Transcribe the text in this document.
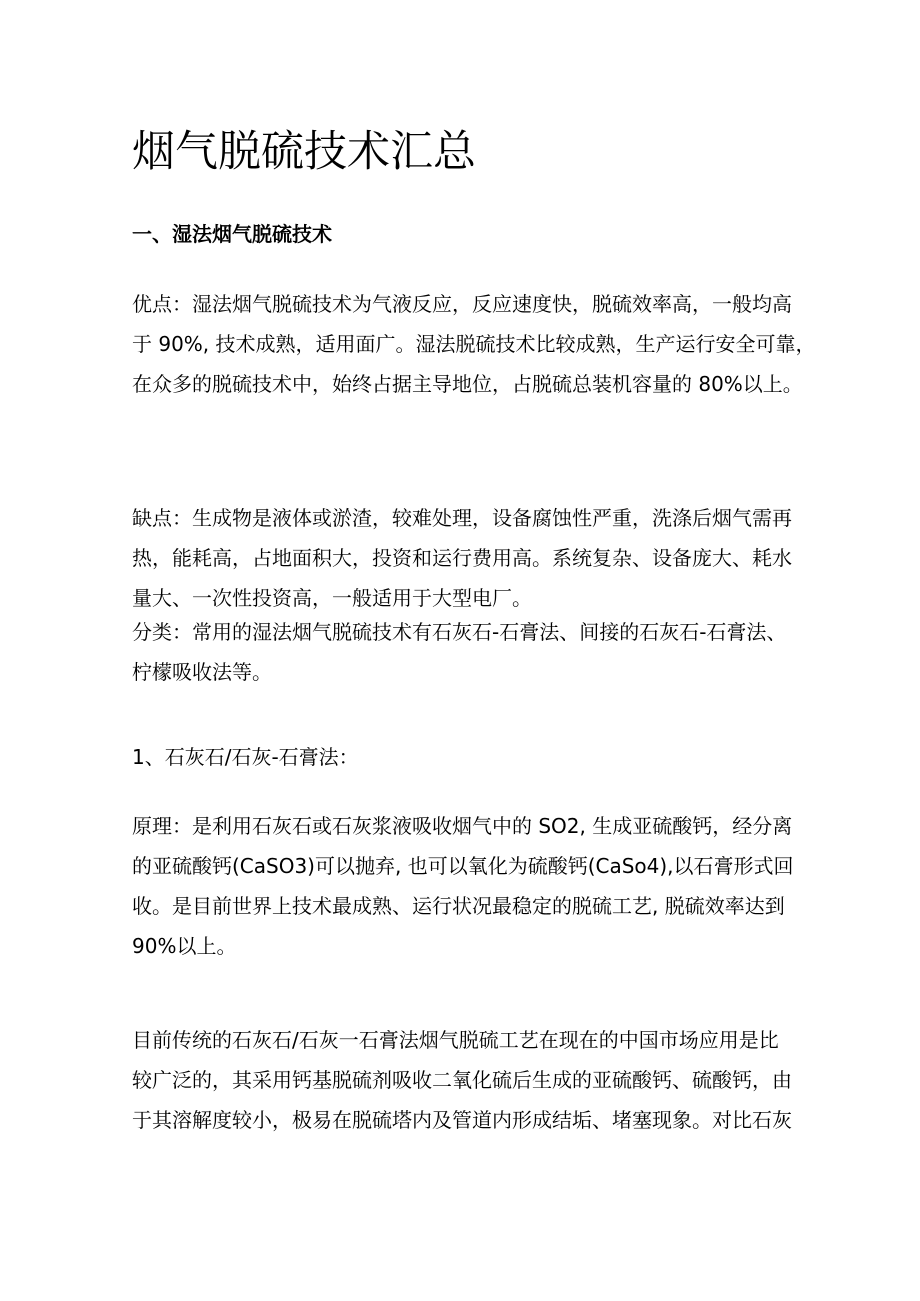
烟气脱硫技术汇总
一、湿法烟气脱硫技术

优点：湿法烟气脱硫技术为气液反应，反应速度快，脱硫效率高，一般均高
于 90%, 技术成熟，适用面广。湿法脱硫技术比较成熟，生产运行安全可靠，
在众多的脱硫技术中，始终占据主导地位，占脱硫总装机容量的 80%以上。

缺点：生成物是液体或淤渣，较难处理，设备腐蚀性严重，洗涤后烟气需再
热，能耗高，占地面积大，投资和运行费用高。系统复杂、设备庞大、耗水
量大、一次性投资高，一般适用于大型电厂。

分类：常用的湿法烟气脱硫技术有石灰石-石膏法、间接的石灰石-石膏法、
柠檬吸收法等。

1、石灰石/石灰-石膏法：

原理：是利用石灰石或石灰浆液吸收烟气中的 SO2, 生成亚硫酸钙，经分离
的亚硫酸钙(CaSO3)可以抛弃, 也可以氧化为硫酸钙(CaSo4),以石膏形式回
收。是目前世界上技术最成熟、运行状况最稳定的脱硫工艺, 脱硫效率达到
90%以上。

目前传统的石灰石/石灰一石膏法烟气脱硫工艺在现在的中国市场应用是比
较广泛的，其采用钙基脱硫剂吸收二氧化硫后生成的亚硫酸钙、硫酸钙，由
于其溶解度较小，极易在脱硫塔内及管道内形成结垢、堵塞现象。对比石灰
